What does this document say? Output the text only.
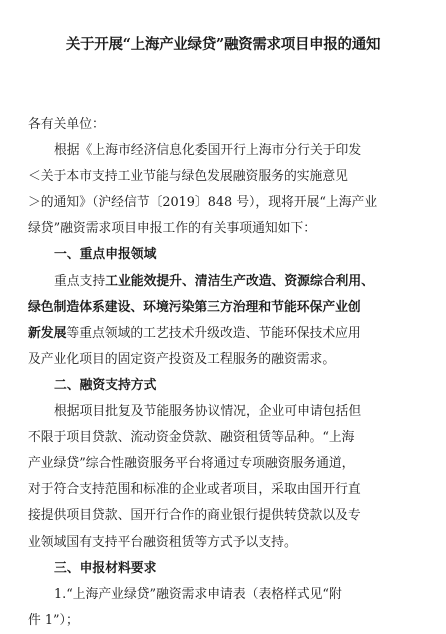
关于开展“上海产业绿贷”融资需求项目申报的通知
各有关单位：
根据《上海市经济信息化委国开行上海市分行关于印发
＜关于本市支持工业节能与绿色发展融资服务的实施意见
＞的通知》（沪经信节〔2019〕848 号），现将开展“上海产业
绿贷”融资需求项目申报工作的有关事项通知如下：
一、重点申报领域
重点支持工业能效提升、清洁生产改造、资源综合利用、
绿色制造体系建设、环境污染第三方治理和节能环保产业创
新发展等重点领域的工艺技术升级改造、节能环保技术应用
及产业化项目的固定资产投资及工程服务的融资需求。
二、融资支持方式
根据项目批复及节能服务协议情况，企业可申请包括但
不限于项目贷款、流动资金贷款、融资租赁等品种。“上海
产业绿贷”综合性融资服务平台将通过专项融资服务通道，
对于符合支持范围和标准的企业或者项目，采取由国开行直
接提供项目贷款、国开行合作的商业银行提供转贷款以及专
业领域国有支持平台融资租赁等方式予以支持。
三、申报材料要求
1.“上海产业绿贷”融资需求申请表（表格样式见“附
件 1”）；
